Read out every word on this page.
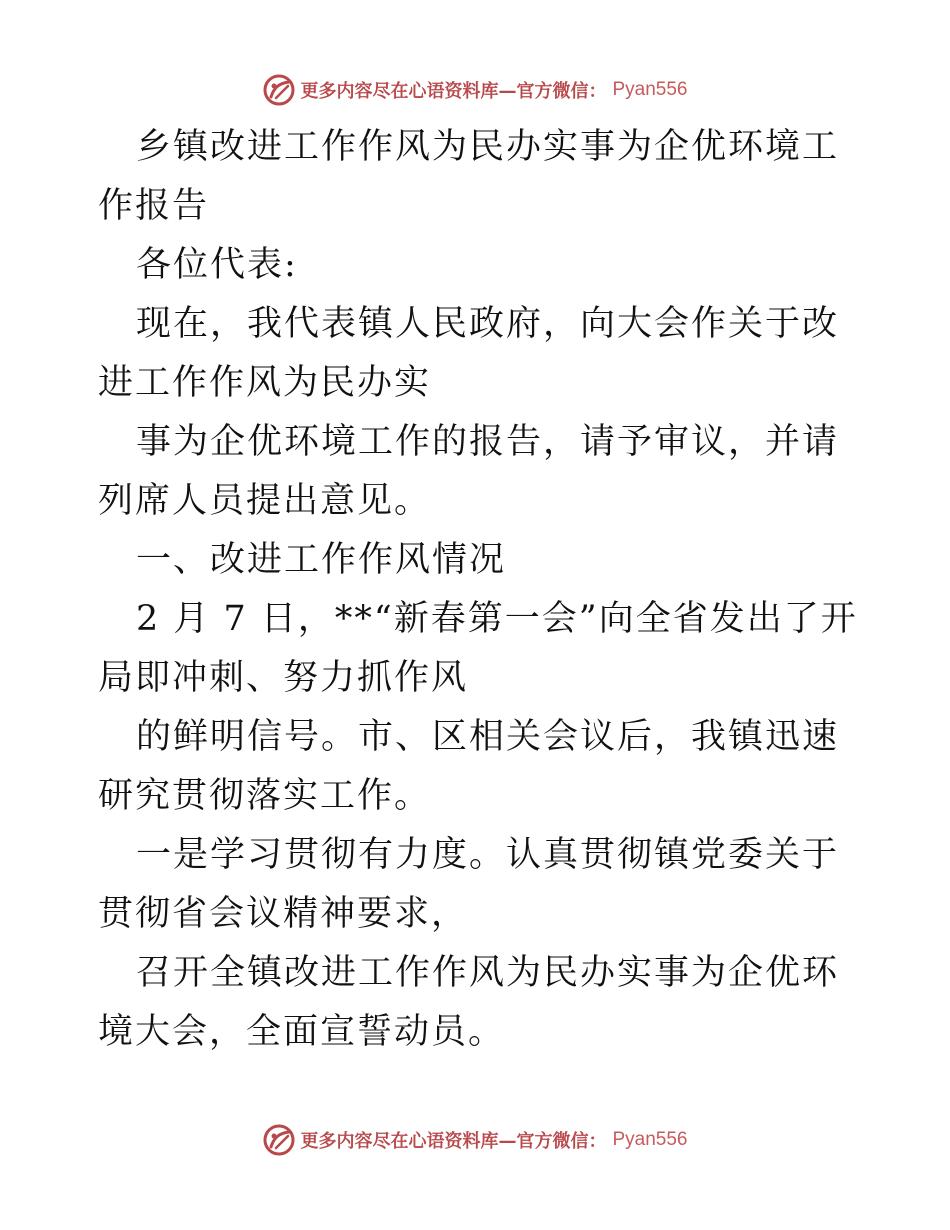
更多内容尽在心语资料库—官方微信： Pyan556

乡镇改进工作作风为民办实事为企优环境工作报告

各位代表:

现在，我代表镇人民政府，向大会作关于改进工作作风为民办实

事为企优环境工作的报告，请予审议，并请列席人员提出意见。

一、改进工作作风情况

2 月 7 日，**“新春第一会”向全省发出了开局即冲刺、努力抓作风

的鲜明信号。市、区相关会议后，我镇迅速研究贯彻落实工作。

一是学习贯彻有力度。认真贯彻镇党委关于贯彻省会议精神要求，

召开全镇改进工作作风为民办实事为企优环境大会，全面宣誓动员。

更多内容尽在心语资料库—官方微信： Pyan556
